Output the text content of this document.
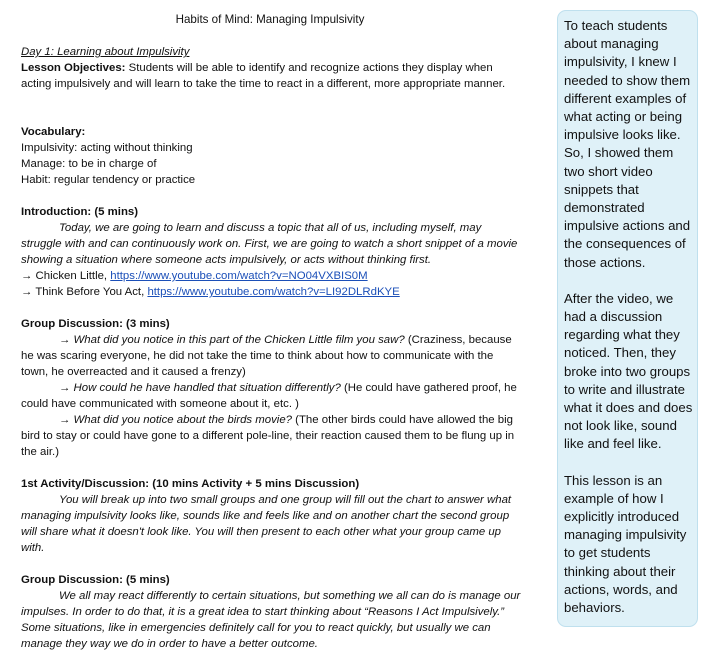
Habits of Mind: Managing Impulsivity

Day 1: Learning about Impulsivity

Lesson Objectives: Students will be able to identify and recognize actions they display when acting impulsively and will learn to take the time to react in a different, more appropriate manner.

Vocabulary:

Impulsivity: acting without thinking

Manage: to be in charge of

Habit: regular tendency or practice

Introduction: (5 mins)

Today, we are going to learn and discuss a topic that all of us, including myself, may struggle with and can continuously work on. First, we are going to watch a short snippet of a movie showing a situation where someone acts impulsively, or acts without thinking first.

→ Chicken Little, https://www.youtube.com/watch?v=NO04VXBIS0M

→ Think Before You Act, https://www.youtube.com/watch?v=LI92DLRdKYE

Group Discussion: (3 mins)

→ What did you notice in this part of the Chicken Little film you saw? (Craziness, because he was scaring everyone, he did not take the time to think about how to communicate with the town, he overreacted and it caused a frenzy)

→ How could he have handled that situation differently? (He could have gathered proof, he could have communicated with someone about it, etc. )

→ What did you notice about the birds movie? (The other birds could have allowed the big bird to stay or could have gone to a different pole-line, their reaction caused them to be flung up in the air.)

1st Activity/Discussion: (10 mins Activity + 5 mins Discussion)

You will break up into two small groups and one group will fill out the chart to answer what managing impulsivity looks like, sounds like and feels like and on another chart the second group will share what it doesn't look like. You will then present to each other what your group came up with.

Group Discussion: (5 mins)

We all may react differently to certain situations, but something we all can do is manage our impulses. In order to do that, it is a great idea to start thinking about “Reasons I Act Impulsively.” Some situations, like in emergencies definitely call for you to react quickly, but usually we can manage they way we do in order to have a better outcome.

To teach students about managing impulsivity, I knew I needed to show them different examples of what acting or being impulsive looks like. So, I showed them two short video snippets that demonstrated impulsive actions and the consequences of those actions.

After the video, we had a discussion regarding what they noticed. Then, they broke into two groups to write and illustrate what it does and does not look like, sound like and feel like.

This lesson is an example of how I explicitly introduced managing impulsivity to get students thinking about their actions, words, and behaviors.
